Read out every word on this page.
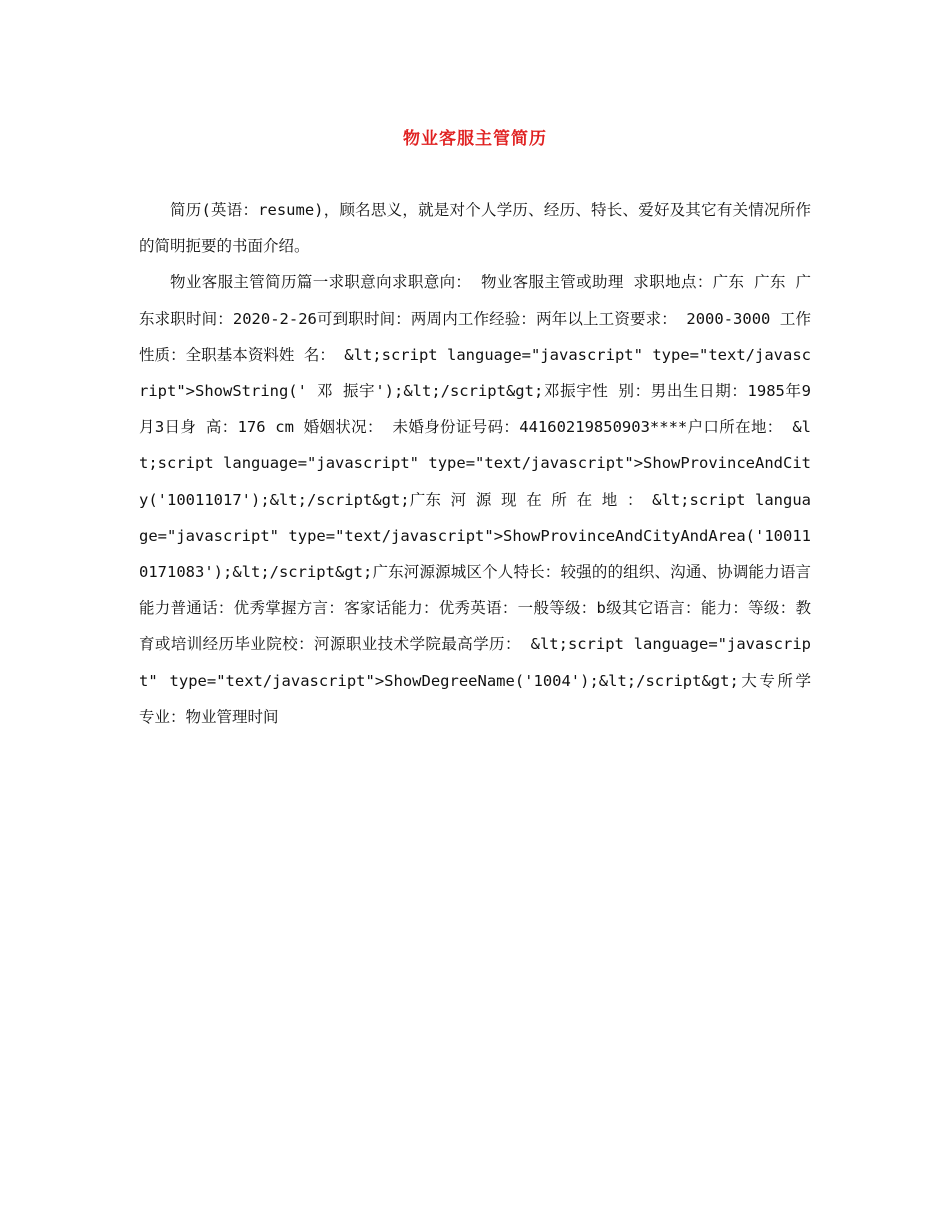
物业客服主管简历

简历(英语：resume)，顾名思义，就是对个人学历、经历、特长、爱好及其它有关情况所作的简明扼要的书面介绍。

物业客服主管简历篇一求职意向求职意向： 物业客服主管或助理 求职地点：广东 广东 广东求职时间：2020-2-26可到职时间：两周内工作经验：两年以上工资要求： 2000-3000 工作性质：全职基本资料姓 名： &lt;script language="javascript" type="text/javascript">ShowString(' 邓 振宇');&lt;/script&gt;邓振宇性 别：男出生日期：1985年9月3日身 高：176 cm 婚姻状况： 未婚身份证号码：44160219850903****户口所在地： &lt;script language="javascript" type="text/javascript">ShowProvinceAndCity('10011017');&lt;/script&gt;广东 河 源 现 在 所 在 地 ： &lt;script language="javascript" type="text/javascript">ShowProvinceAndCityAndArea('100110171083');&lt;/script&gt;广东河源源城区个人特长：较强的的组织、沟通、协调能力语言能力普通话：优秀掌握方言：客家话能力：优秀英语：一般等级：b级其它语言：能力：等级：教育或培训经历毕业院校：河源职业技术学院最高学历： &lt;script language="javascript" type="text/javascript">ShowDegreeName('1004');&lt;/script&gt;大专所学专业：物业管理时间
